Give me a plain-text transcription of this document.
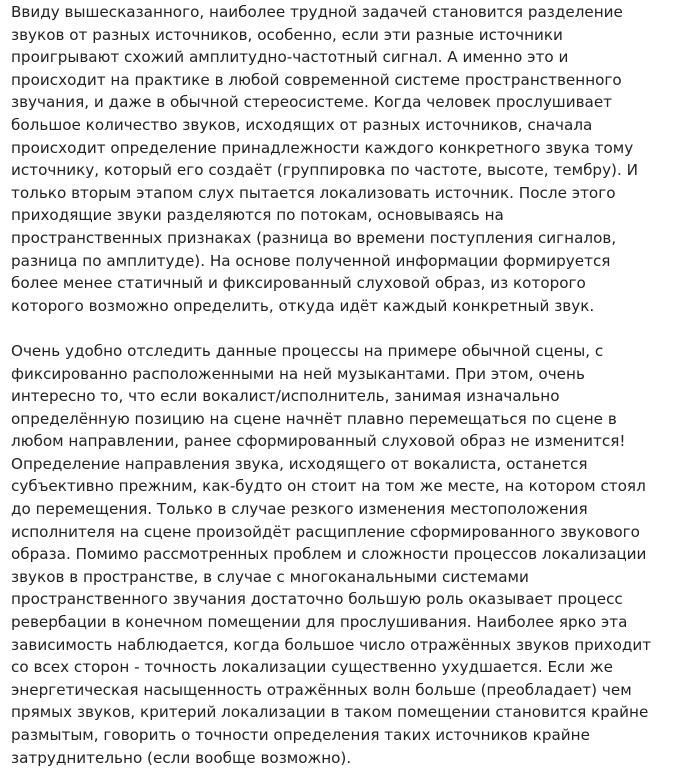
Ввиду вышесказанного, наиболее трудной задачей становится разделение
звуков от разных источников, особенно, если эти разные источники
проигрывают схожий амплитудно-частотный сигнал. А именно это и
происходит на практике в любой современной системе пространственного
звучания, и даже в обычной стереосистеме. Когда человек прослушивает
большое количество звуков, исходящих от разных источников, сначала
происходит определение принадлежности каждого конкретного звука тому
источнику, который его создаёт (группировка по частоте, высоте, тембру). И
только вторым этапом слух пытается локализовать источник. После этого
приходящие звуки разделяются по потокам, основываясь на
пространственных признаках (разница во времени поступления сигналов,
разница по амплитуде). На основе полученной информации формируется
более менее статичный и фиксированный слуховой образ, из которого
которого возможно определить, откуда идёт каждый конкретный звук.
Очень удобно отследить данные процессы на примере обычной сцены, с
фиксированно расположенными на ней музыкантами. При этом, очень
интересно то, что если вокалист/исполнитель, занимая изначально
определённую позицию на сцене начнёт плавно перемещаться по сцене в
любом направлении, ранее сформированный слуховой образ не изменится!
Определение направления звука, исходящего от вокалиста, останется
субъективно прежним, как-будто он стоит на том же месте, на котором стоял
до перемещения. Только в случае резкого изменения местоположения
исполнителя на сцене произойдёт расщипление сформированного звукового
образа. Помимо рассмотренных проблем и сложности процессов локализации
звуков в пространстве, в случае с многоканальными системами
пространственного звучания достаточно большую роль оказывает процесс
ревербации в конечном помещении для прослушивания. Наиболее ярко эта
зависимость наблюдается, когда большое число отражённых звуков приходит
со всех сторон - точность локализации существенно ухудшается. Если же
энергетическая насыщенность отражённых волн больше (преобладает) чем
прямых звуков, критерий локализации в таком помещении становится крайне
размытым, говорить о точности определения таких источников крайне
затруднительно (если вообще возможно).
